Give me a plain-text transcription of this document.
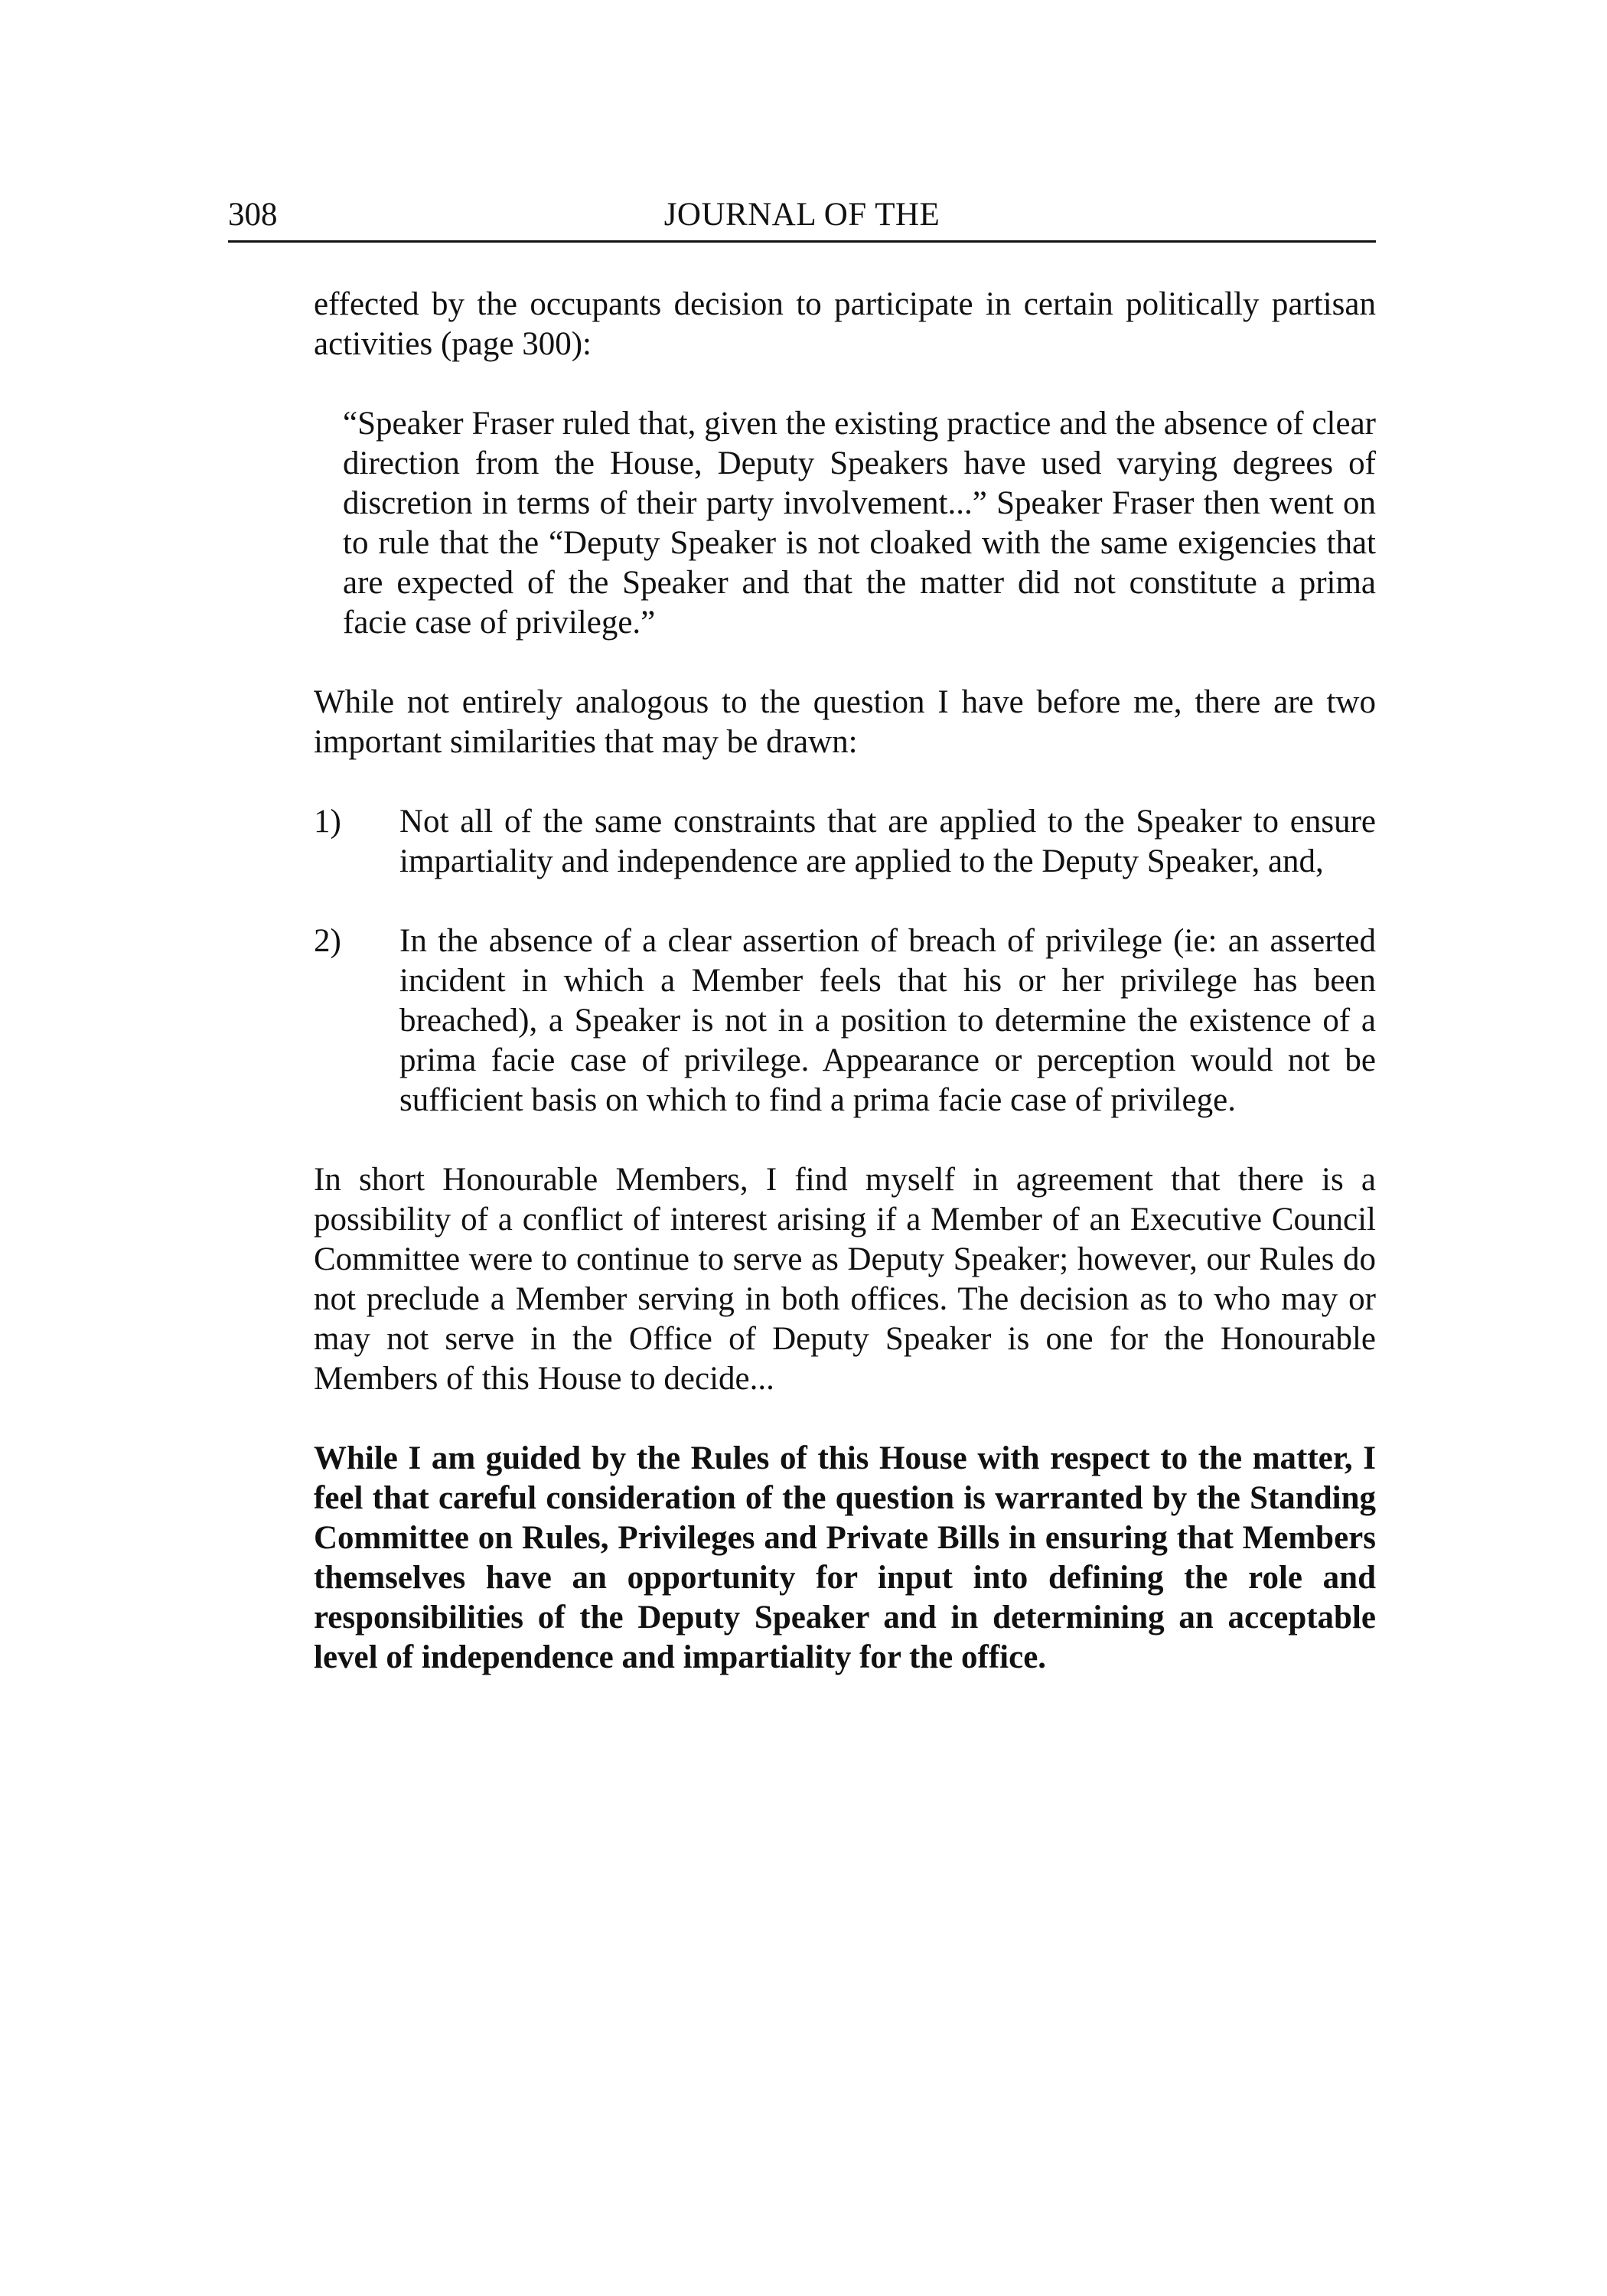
308	JOURNAL OF THE

effected by the occupants decision to participate in certain politically partisan activities (page 300):

“Speaker Fraser ruled that, given the existing practice and the absence of clear direction from the House, Deputy Speakers have used varying degrees of discretion in terms of their party involvement...” Speaker Fraser then went on to rule that the “Deputy Speaker is not cloaked with the same exigencies that are expected of the Speaker and that the matter did not constitute a prima facie case of privilege.”

While not entirely analogous to the question I have before me, there are two important similarities that may be drawn:

1) Not all of the same constraints that are applied to the Speaker to ensure impartiality and independence are applied to the Deputy Speaker, and,
2) In the absence of a clear assertion of breach of privilege (ie: an asserted incident in which a Member feels that his or her privilege has been breached), a Speaker is not in a position to determine the existence of a prima facie case of privilege. Appearance or perception would not be sufficient basis on which to find a prima facie case of privilege.

In short Honourable Members, I find myself in agreement that there is a possibility of a conflict of interest arising if a Member of an Executive Council Committee were to continue to serve as Deputy Speaker; however, our Rules do not preclude a Member serving in both offices. The decision as to who may or may not serve in the Office of Deputy Speaker is one for the Honourable Members of this House to decide...

While I am guided by the Rules of this House with respect to the matter, I feel that careful consideration of the question is warranted by the Standing Committee on Rules, Privileges and Private Bills in ensuring that Members themselves have an opportunity for input into defining the role and responsibilities of the Deputy Speaker and in determining an acceptable level of independence and impartiality for the office.
